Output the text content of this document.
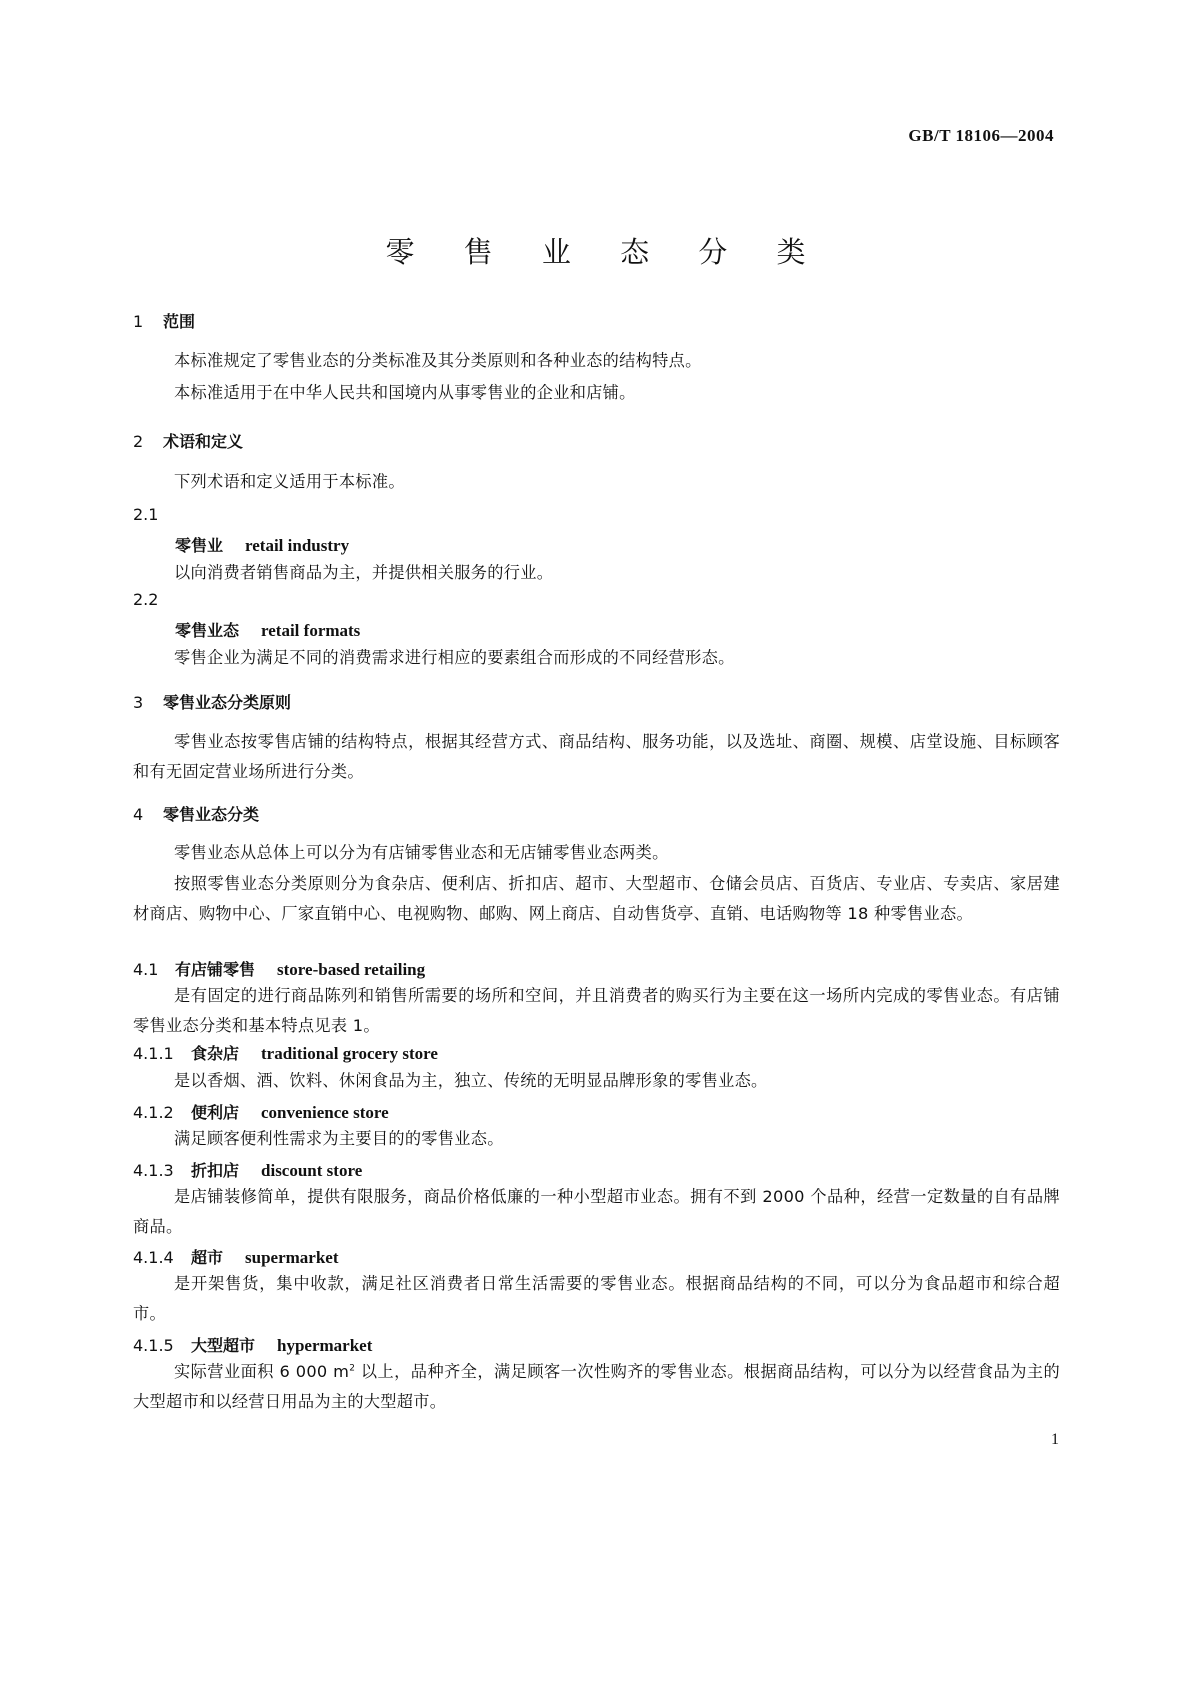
GB/T 18106—2004
零 售 业 态 分 类
1 范围
本标准规定了零售业态的分类标准及其分类原则和各种业态的结构特点。
本标准适用于在中华人民共和国境内从事零售业的企业和店铺。
2 术语和定义
下列术语和定义适用于本标准。
2.1
零售业 retail industry
以向消费者销售商品为主，并提供相关服务的行业。
2.2
零售业态 retail formats
零售企业为满足不同的消费需求进行相应的要素组合而形成的不同经营形态。
3 零售业态分类原则
零售业态按零售店铺的结构特点，根据其经营方式、商品结构、服务功能，以及选址、商圈、规模、店堂设施、目标顾客和有无固定营业场所进行分类。
4 零售业态分类
零售业态从总体上可以分为有店铺零售业态和无店铺零售业态两类。
按照零售业态分类原则分为食杂店、便利店、折扣店、超市、大型超市、仓储会员店、百货店、专业店、专卖店、家居建材商店、购物中心、厂家直销中心、电视购物、邮购、网上商店、自动售货亭、直销、电话购物等 18 种零售业态。
4.1 有店铺零售 store-based retailing
是有固定的进行商品陈列和销售所需要的场所和空间，并且消费者的购买行为主要在这一场所内完成的零售业态。有店铺零售业态分类和基本特点见表 1。
4.1.1 食杂店 traditional grocery store
是以香烟、酒、饮料、休闲食品为主，独立、传统的无明显品牌形象的零售业态。
4.1.2 便利店 convenience store
满足顾客便利性需求为主要目的的零售业态。
4.1.3 折扣店 discount store
是店铺装修简单，提供有限服务，商品价格低廉的一种小型超市业态。拥有不到 2000 个品种，经营一定数量的自有品牌商品。
4.1.4 超市 supermarket
是开架售货，集中收款，满足社区消费者日常生活需要的零售业态。根据商品结构的不同，可以分为食品超市和综合超市。
4.1.5 大型超市 hypermarket
实际营业面积 6 000 $m^2$ 以上，品种齐全，满足顾客一次性购齐的零售业态。根据商品结构，可以分为以经营食品为主的大型超市和以经营日用品为主的大型超市。
1
